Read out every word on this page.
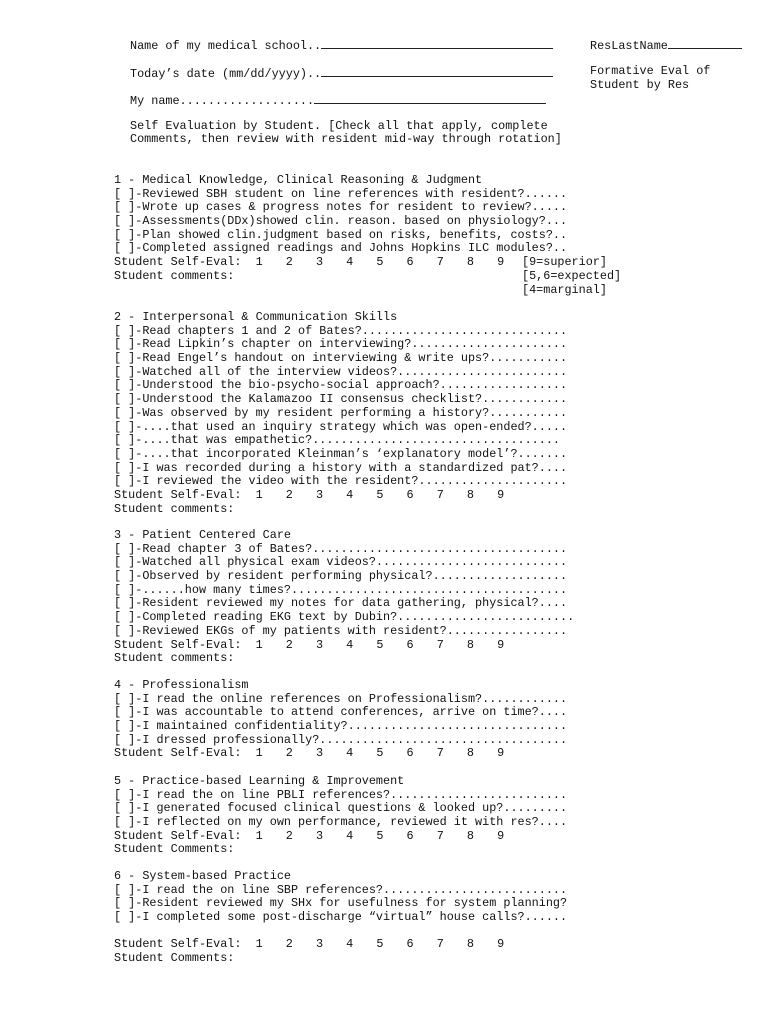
Name of my medical school..	ResLastName
Today’s date (mm/dd/yyyy)..	Formative Eval of
Student by Res
My name...................
Self Evaluation by Student. [Check all that apply, complete
Comments, then review with resident mid-way through rotation]
1 - Medical Knowledge, Clinical Reasoning & Judgment
[ ]-Reviewed SBH student on line references with resident?......
[ ]-Wrote up cases & progress notes for resident to review?.....
[ ]-Assessments(DDx)showed clin. reason. based on physiology?...
[ ]-Plan showed clin.judgment based on risks, benefits, costs?..
[ ]-Completed assigned readings and Johns Hopkins ILC modules?..
Student Self-Eval: 1 2 3 4 5 6 7 8 9
Student comments:
[9=superior]
[5,6=expected]
[4=marginal]
2 - Interpersonal & Communication Skills
[ ]-Read chapters 1 and 2 of Bates?.............................
[ ]-Read Lipkin’s chapter on interviewing?......................
[ ]-Read Engel’s handout on interviewing & write ups?...........
[ ]-Watched all of the interview videos?........................
[ ]-Understood the bio-psycho-social approach?..................
[ ]-Understood the Kalamazoo II consensus checklist?............
[ ]-Was observed by my resident performing a history?...........
[ ]-....that used an inquiry strategy which was open-ended?.....
[ ]-....that was empathetic?...................................
[ ]-....that incorporated Kleinman’s ‘explanatory model’?.......
[ ]-I was recorded during a history with a standardized pat?....
[ ]-I reviewed the video with the resident?.....................
Student Self-Eval: 1 2 3 4 5 6 7 8 9
Student comments:
3 - Patient Centered Care
[ ]-Read chapter 3 of Bates?....................................
[ ]-Watched all physical exam videos?...........................
[ ]-Observed by resident performing physical?...................
[ ]-......how many times?.......................................
[ ]-Resident reviewed my notes for data gathering, physical?....
[ ]-Completed reading EKG text by Dubin?.........................
[ ]-Reviewed EKGs of my patients with resident?.................
Student Self-Eval: 1 2 3 4 5 6 7 8 9
Student comments:
4 - Professionalism
[ ]-I read the online references on Professionalism?............
[ ]-I was accountable to attend conferences, arrive on time?....
[ ]-I maintained confidentiality?...............................
[ ]-I dressed professionally?...................................
Student Self-Eval: 1 2 3 4 5 6 7 8 9
5 - Practice-based Learning & Improvement
[ ]-I read the on line PBLI references?.........................
[ ]-I generated focused clinical questions & looked up?.........
[ ]-I reflected on my own performance, reviewed it with res?....
Student Self-Eval: 1 2 3 4 5 6 7 8 9
Student Comments:
6 - System-based Practice
[ ]-I read the on line SBP references?..........................
[ ]-Resident reviewed my SHx for usefulness for system planning?
[ ]-I completed some post-discharge “virtual” house calls?......

Student Self-Eval: 1 2 3 4 5 6 7 8 9
Student Comments:
